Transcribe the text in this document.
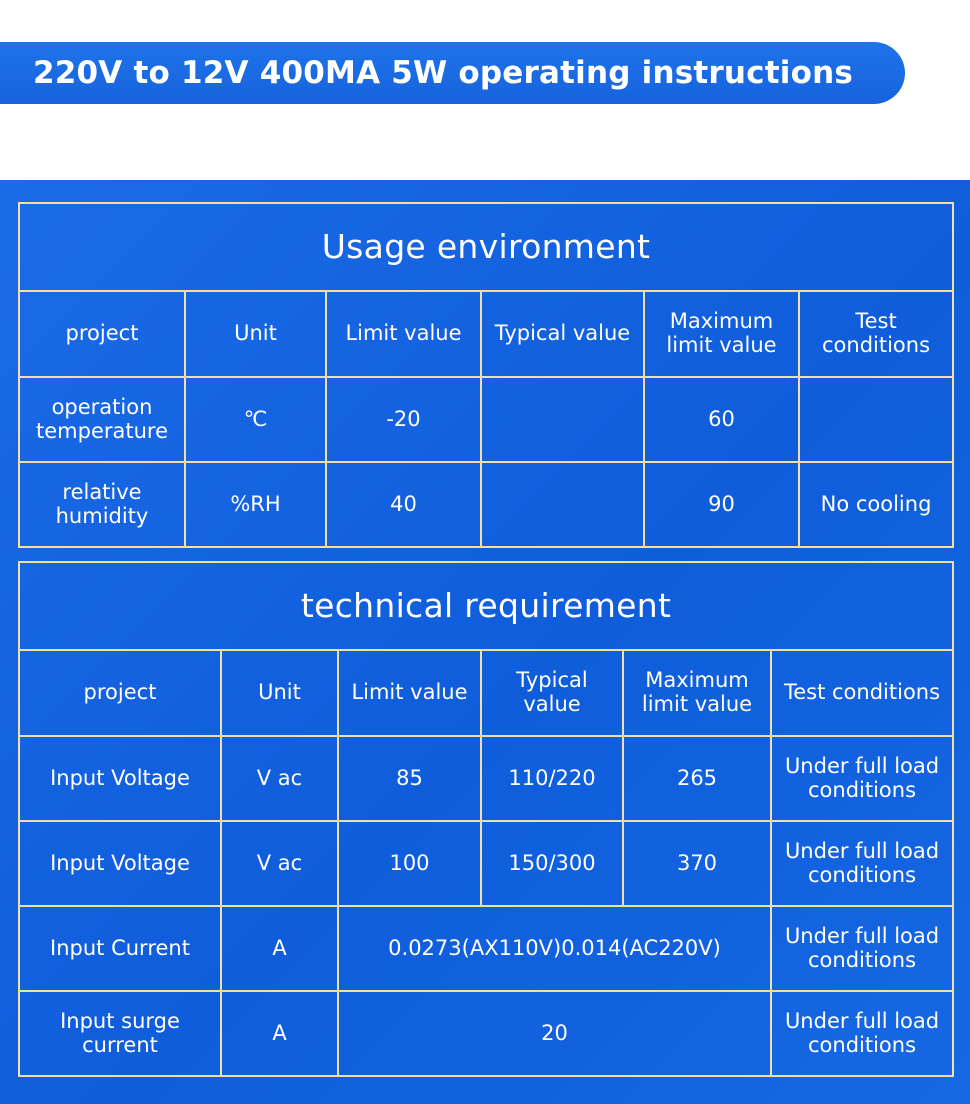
220V to 12V 400MA 5W operating instructions
Usage environment					
project	Unit	Limit value	Typical value	Maximum limit value	Test conditions
operation temperature	℃	-20		60	
relative humidity	%RH	40		90	No cooling
technical requirement					
project	Unit	Limit value	Typical value	Maximum limit value	Test conditions
Input Voltage	V ac	85	110/220	265	Under full load conditions
Input Voltage	V ac	100	150/300	370	Under full load conditions
Input Current	A	0.0273(AX110V)0.014(AC220V)			Under full load conditions
Input surge current	A	20			Under full load conditions
